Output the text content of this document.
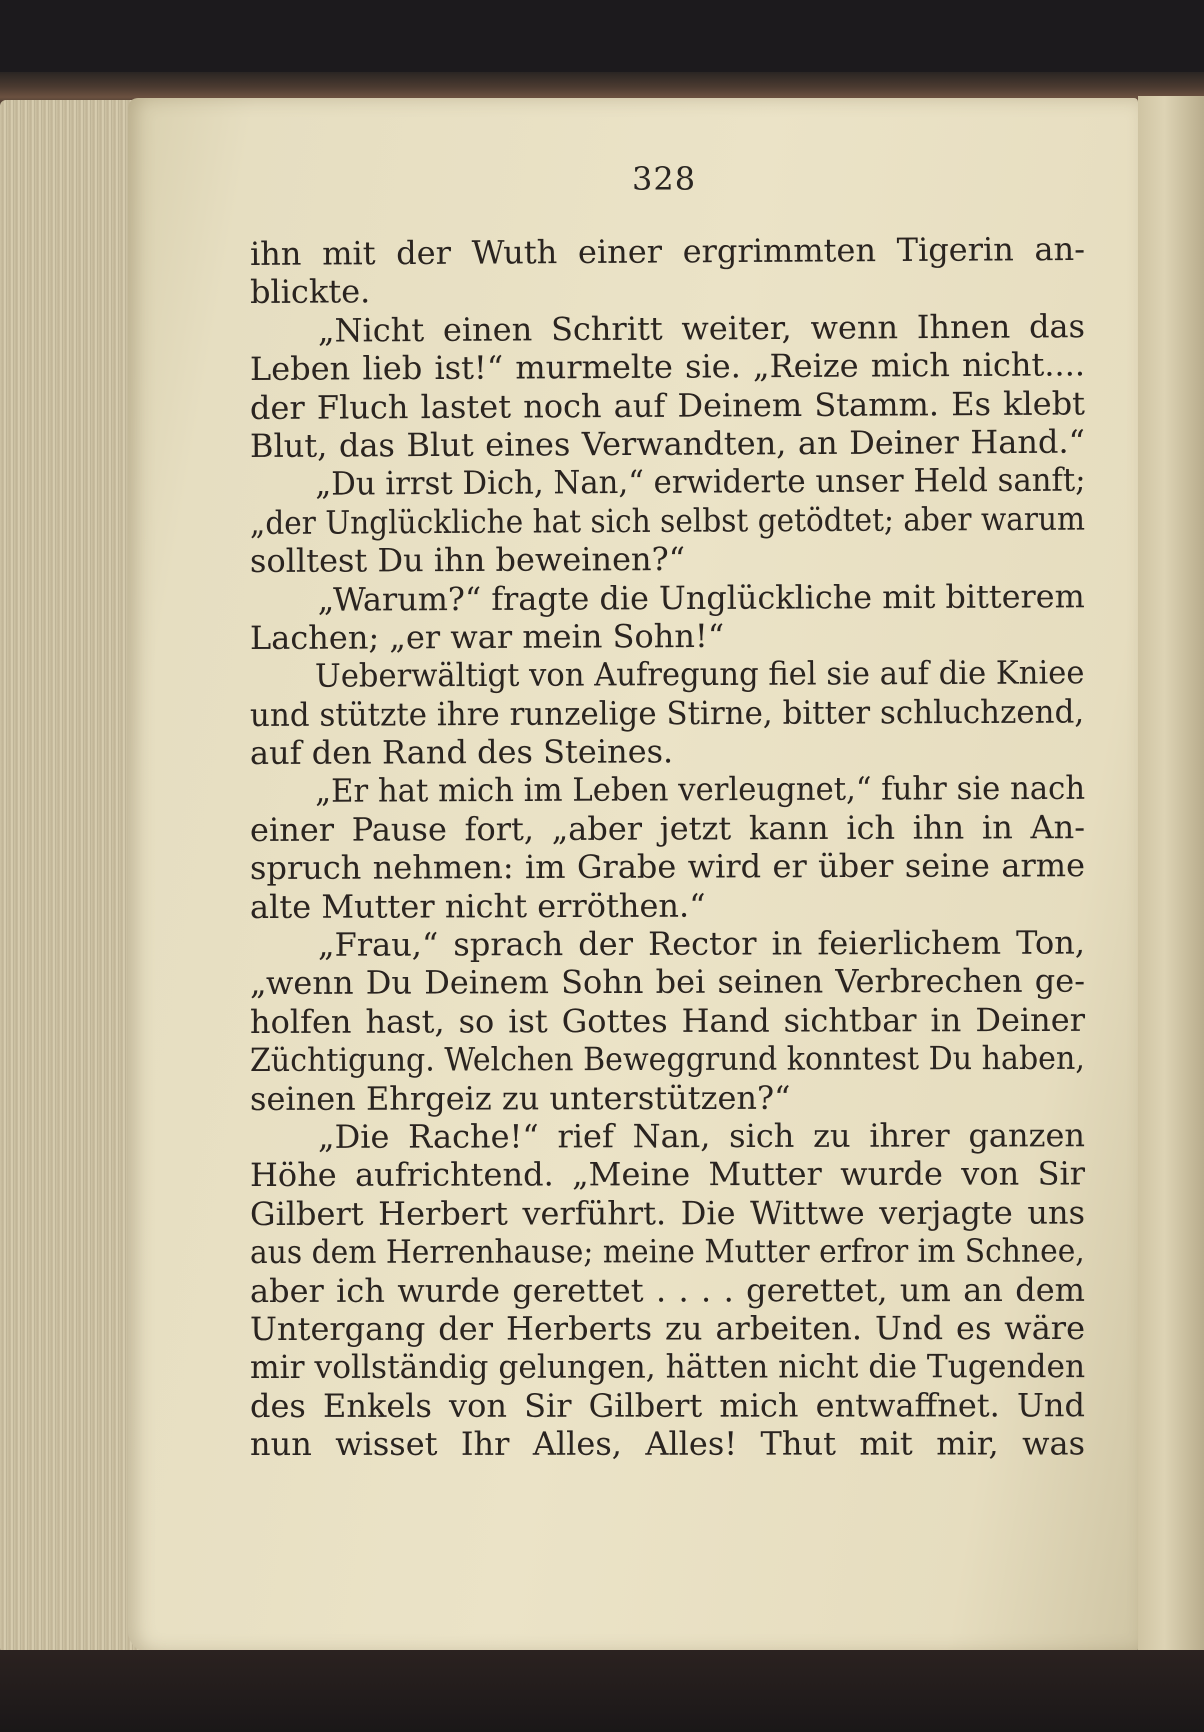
328
ihn mit der Wuth einer ergrimmten Tigerin an-
blickte.
„Nicht einen Schritt weiter, wenn Ihnen das
Leben lieb ist!“ murmelte sie. „Reize mich nicht....
der Fluch lastet noch auf Deinem Stamm. Es klebt
Blut, das Blut eines Verwandten, an Deiner Hand.“
„Du irrst Dich, Nan,“ erwiderte unser Held sanft;
„der Unglückliche hat sich selbst getödtet; aber warum
solltest Du ihn beweinen?“
„Warum?“ fragte die Unglückliche mit bitterem
Lachen; „er war mein Sohn!“
Ueberwältigt von Aufregung fiel sie auf die Kniee
und stützte ihre runzelige Stirne, bitter schluchzend,
auf den Rand des Steines.
„Er hat mich im Leben verleugnet,“ fuhr sie nach
einer Pause fort, „aber jetzt kann ich ihn in An-
spruch nehmen: im Grabe wird er über seine arme
alte Mutter nicht erröthen.“
„Frau,“ sprach der Rector in feierlichem Ton,
„wenn Du Deinem Sohn bei seinen Verbrechen ge-
holfen hast, so ist Gottes Hand sichtbar in Deiner
Züchtigung. Welchen Beweggrund konntest Du haben,
seinen Ehrgeiz zu unterstützen?“
„Die Rache!“ rief Nan, sich zu ihrer ganzen
Höhe aufrichtend. „Meine Mutter wurde von Sir
Gilbert Herbert verführt. Die Wittwe verjagte uns
aus dem Herrenhause; meine Mutter erfror im Schnee,
aber ich wurde gerettet . . . . gerettet, um an dem
Untergang der Herberts zu arbeiten. Und es wäre
mir vollständig gelungen, hätten nicht die Tugenden
des Enkels von Sir Gilbert mich entwaffnet. Und
nun wisset Ihr Alles, Alles! Thut mit mir, was
